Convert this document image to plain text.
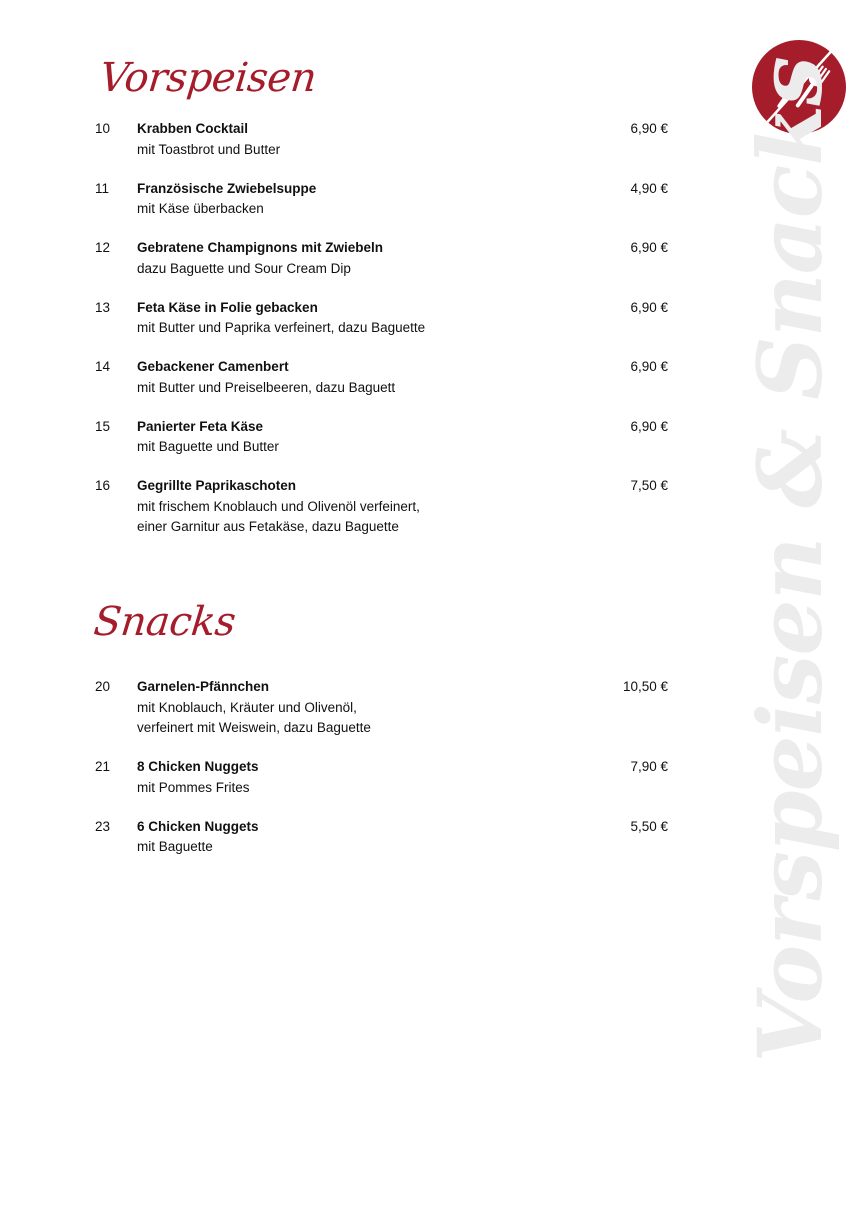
Vorspeisen & Snacks
Vorspeisen
10	Krabben Cocktail
mit Toastbrot und Butter
6,90 €
11	Französische Zwiebelsuppe
mit Käse überbacken
4,90 €
12	Gebratene Champignons mit Zwiebeln
dazu Baguette und Sour Cream Dip
6,90 €
13	Feta Käse in Folie gebacken
mit Butter und Paprika verfeinert, dazu Baguette
6,90 €
14	Gebackener Camenbert
mit Butter und Preiselbeeren, dazu Baguett
6,90 €
15	Panierter Feta Käse
mit Baguette und Butter
6,90 €
16	Gegrillte Paprikaschoten
mit frischem Knoblauch und Olivenöl verfeinert,
einer Garnitur aus Fetakäse, dazu Baguette
7,50 €
Snacks
20	Garnelen-Pfännchen
mit Knoblauch, Kräuter und Olivenöl,
verfeinert mit Weiswein, dazu Baguette
10,50 €
21	8 Chicken Nuggets
mit Pommes Frites
7,90 €
23	6 Chicken Nuggets
mit Baguette
5,50 €
